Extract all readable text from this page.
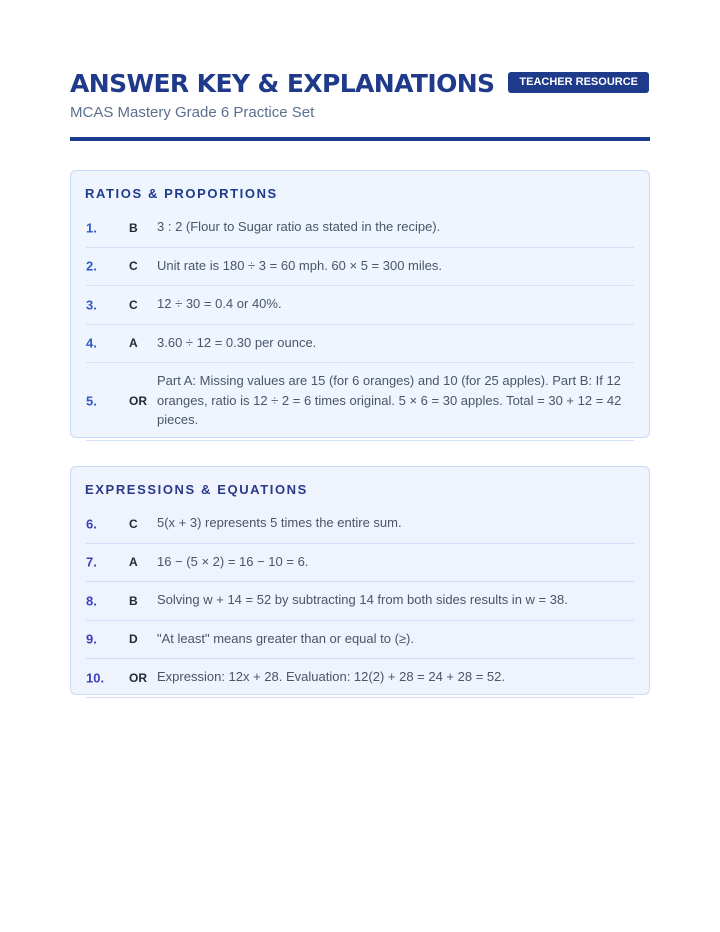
ANSWER KEY & EXPLANATIONS
MCAS Mastery Grade 6 Practice Set
TEACHER RESOURCE
RATIOS & PROPORTIONS
1.	B 3 : 2 (Flour to Sugar ratio as stated in the recipe).
2.	C Unit rate is 180 ÷ 3 = 60 mph. 60 × 5 = 300 miles.
3.	C 12 ÷ 30 = 0.4 or 40%.
4.	A 3.60 ÷ 12 = 0.30 per ounce.
5.	OR
Part A: Missing values are 15 (for 6 oranges) and 10 (for 25 apples). Part B: If 12 oranges, ratio is 12 ÷ 2 = 6 times original. 5 × 6 = 30 apples. Total = 30 + 12 = 42 pieces.
EXPRESSIONS & EQUATIONS
6.	C 5(x + 3) represents 5 times the entire sum.
7.	A 16 − (5 × 2) = 16 − 10 = 6.
8.	B Solving w + 14 = 52 by subtracting 14 from both sides results in w = 38.
9.	D "At least" means greater than or equal to (≥).
10. OR Expression: 12x + 28. Evaluation: 12(2) + 28 = 24 + 28 = 52.
